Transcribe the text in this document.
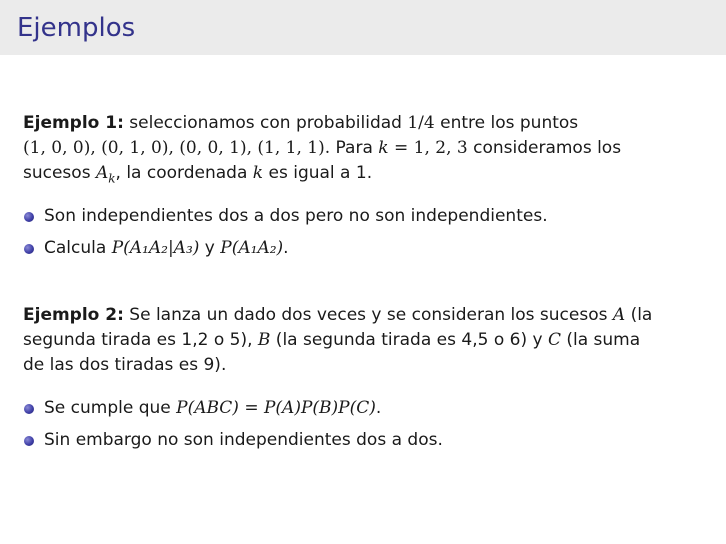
Ejemplos
Ejemplo 1: seleccionamos con probabilidad 1/4 entre los puntos
(1, 0, 0), (0, 1, 0), (0, 0, 1), (1, 1, 1). Para k = 1, 2, 3 consideramos los
sucesos $A_k$, la coordenada k es igual a 1.
Son independientes dos a dos pero no son independientes.
Calcula P(A₁A₂|A₃) y P(A₁A₂).
Ejemplo 2: Se lanza un dado dos veces y se consideran los sucesos A (la
segunda tirada es 1,2 o 5), B (la segunda tirada es 4,5 o 6) y C (la suma
de las dos tiradas es 9).
Se cumple que P(ABC) = P(A)P(B)P(C).
Sin embargo no son independientes dos a dos.
